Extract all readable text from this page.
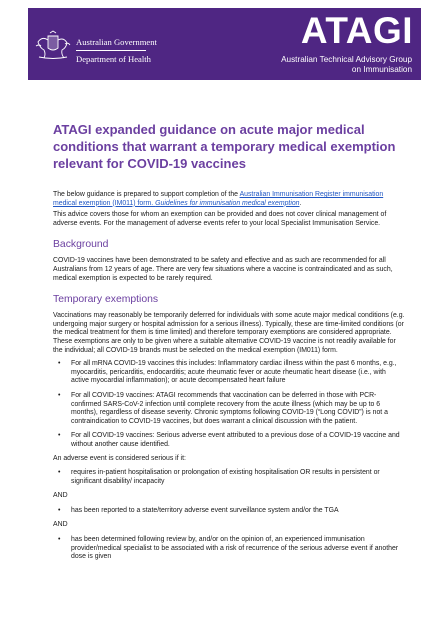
Australian Government
Department of Health
ATAGI
Australian Technical Advisory Group
on Immunisation
ATAGI expanded guidance on acute major medical conditions that warrant a temporary medical exemption relevant for COVID-19 vaccines

The below guidance is prepared to support completion of the Australian Immunisation Register immunisation medical exemption (IM011) form. Guidelines for immunisation medical exemption.

This advice covers those for whom an exemption can be provided and does not cover clinical management of adverse events. For the management of adverse events refer to your local Specialist Immunisation Service.

Background

COVID-19 vaccines have been demonstrated to be safety and effective and as such are recommended for all Australians from 12 years of age. There are very few situations where a vaccine is contraindicated and as such, medical exemption is expected to be rarely required.

Temporary exemptions

Vaccinations may reasonably be temporarily deferred for individuals with some acute major medical conditions (e.g. undergoing major surgery or hospital admission for a serious illness). Typically, these are time-limited conditions (or the medical treatment for them is time limited) and therefore temporary exemptions are considered appropriate. These exemptions are only to be given where a suitable alternative COVID-19 vaccine is not readily available for the individual; all COVID-19 brands must be selected on the medical exemption (IM011) form.

• For all mRNA COVID-19 vaccines this includes: Inflammatory cardiac illness within the past 6 months, e.g., myocarditis, pericarditis, endocarditis; acute rheumatic fever or acute rheumatic heart disease (i.e., with active myocardial inflammation); or acute decompensated heart failure
• For all COVID-19 vaccines: ATAGI recommends that vaccination can be deferred in those with PCR-confirmed SARS-CoV-2 infection until complete recovery from the acute illness (which may be up to 6 months), regardless of disease severity. Chronic symptoms following COVID-19 (“Long COVID”) is not a contraindication to COVID-19 vaccines, but does warrant a clinical discussion with the patient.
• For all COVID-19 vaccines: Serious adverse event attributed to a previous dose of a COVID-19 vaccine and without another cause identified.

An adverse event is considered serious if it:

• requires in-patient hospitalisation or prolongation of existing hospitalisation OR results in persistent or significant disability/ incapacity
AND
• has been reported to a state/territory adverse event surveillance system and/or the TGA
AND
• has been determined following review by, and/or on the opinion of, an experienced immunisation provider/medical specialist to be associated with a risk of recurrence of the serious adverse event if another dose is given
